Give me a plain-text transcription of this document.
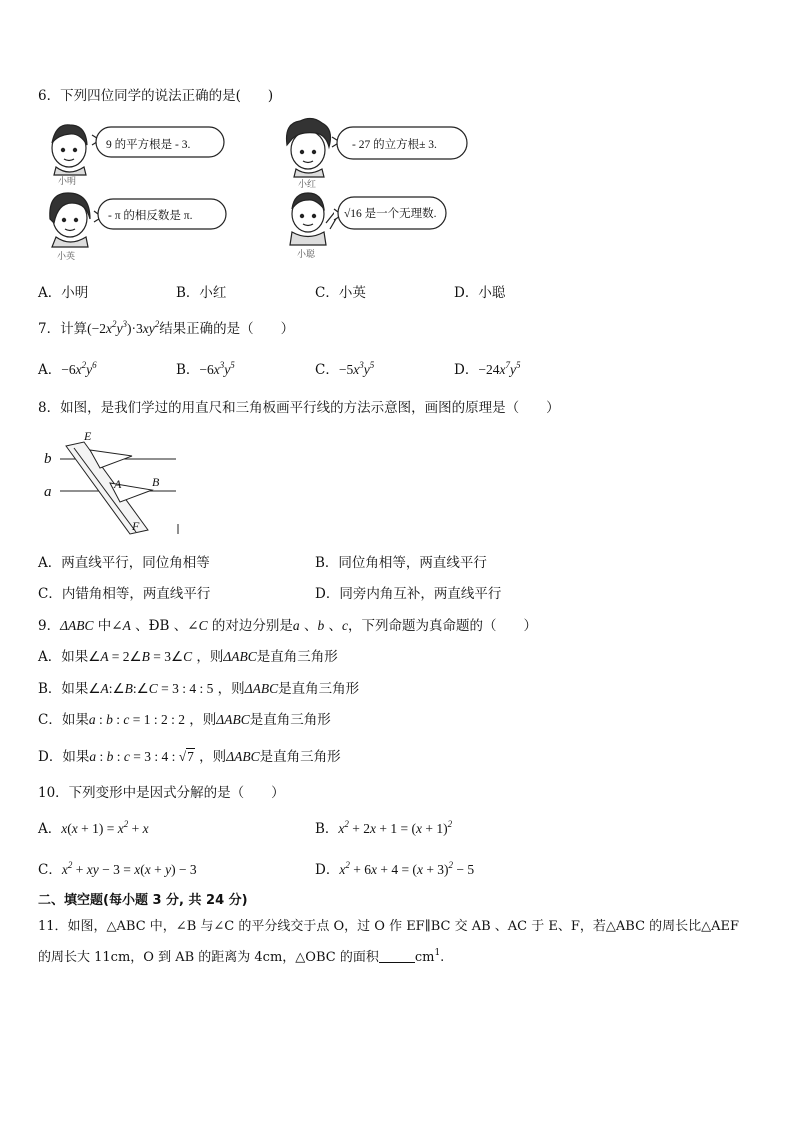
6．下列四位同学的说法正确的是(　　)
9 的平方根是 - 3.	- 27 的立方根± 3.
- π 的相反数是 π.	√16 是一个无理数.
小明	小红
小英	小聪
A．小明	B．小红	C．小英	D．小聪
7．计算$(-2x^2y^3)\cdot 3xy^2$结果正确的是（　　）
A．$-6x^2y^6$	B．$-6x^3y^5$	C．$-5x^3y^5$	D．$-24x^7y^5$
8．如图，是我们学过的用直尺和三角板画平行线的方法示意图，画图的原理是（　　）
E
b
a	A	B
F
A．两直线平行，同位角相等	B．同位角相等，两直线平行
C．内错角相等，两直线平行	D．同旁内角互补，两直线平行
9．ΔABC 中∠A 、ÐB 、∠C 的对边分别是a 、b 、c，下列命题为真命题的（　　）
A．如果∠A = 2∠B = 3∠C ，则ΔABC是直角三角形
B．如果∠A:∠B:∠C = 3 : 4 : 5 ，则ΔABC是直角三角形
C．如果a : b : c = 1 : 2 : 2 ，则ΔABC是直角三角形
D．如果a : b : c = 3 : 4 : √7 ，则ΔABC是直角三角形
10．下列变形中是因式分解的是（　　）
A．$x(x + 1) = x^2 + x$	B．$x^2 + 2x + 1 = (x + 1)^2$
C．$x^2$ + xy − 3 = x(x + y) − 3	D．$x^2 + 6x + 4 = (x + 3)^2 - 5$
二、填空题(每小题 3 分, 共 24 分)
11．如图，△ABC 中，∠B 与∠C 的平分线交于点 O，过 O 作 EF∥BC 交 AB 、AC 于 E、F，若△ABC 的周长比△AEF
的周长大 11cm，O 到 AB 的距离为 4cm，△OBC 的面积	$cm^1$.
